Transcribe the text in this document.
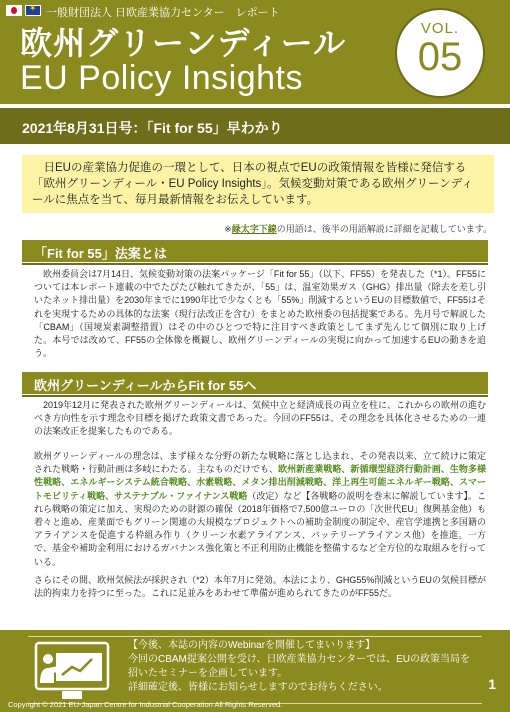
✶
一般財団法人 日欧産業協力センター　レポート
欧州グリーンディール
EU Policy Insights
VOL.
05
2021年8月31日号：「Fit for 55」早わかり

日EUの産業協力促進の一環として、日本の視点でEUの政策情報を皆様に発信する「欧州グリーンディール・EU Policy Insights」。気候変動対策である欧州グリーンディールに焦点を当て、毎月最新情報をお伝えしています。

※緑太字下線の用語は、後半の用語解説に詳細を記載しています。
「Fit for 55」法案とは

欧州委員会は7月14日、気候変動対策の法案パッケージ「Fit for 55」（以下、FF55）を発表した（*1）。FF55については本レポート連載の中でたびたび触れてきたが、「55」は、温室効果ガス（GHG）排出量（除去を差し引いたネット排出量）を2030年までに1990年比で少なくとも「55%」削減するというEUの目標数値で、FF55はそれを実現するための具体的な法案（現行法改正を含む）をまとめた欧州委の包括提案である。先月号で解説した「CBAM」（国境炭素調整措置）はその中のひとつで特に注目すべき政策としてまず先んじて個別に取り上げた。本号では改めて、FF55の全体像を概観し、欧州グリーンディールの実現に向かって加速するEUの動きを追う。

欧州グリーンディールからFit for 55へ

2019年12月に発表された欧州グリーンディールは、気候中立と経済成長の両立を柱に、これからの欧州の進むべき方向性を示す理念や目標を掲げた政策文書であった。今回のFF55は、その理念を具体化させるための一連の法案改正を提案したものである。

欧州グリーンディールの理念は、まず様々な分野の新たな戦略に落とし込まれ、その発表以来、立て続けに策定された戦略・行動計画は多岐にわたる。主なものだけでも、欧州新産業戦略、新循環型経済行動計画、生物多様性戦略、エネルギーシステム統合戦略、水素戦略、メタン排出削減戦略、洋上再生可能エネルギー戦略、スマートモビリティ戦略、サステナブル・ファイナンス戦略（改定）など【各戦略の説明を巻末に解説しています】。これら戦略の策定に加え、実現のための財源の確保（2018年価格で7,500億ユーロの「次世代EU」復興基金他）も着々と進め、産業面でもグリーン関連の大規模なプロジェクトへの補助金制度の制定や、産官学連携と多国籍のアライアンスを促進する枠組み作り（クリーン水素アライアンス、バッテリーアライアンス他）を推進。一方で、基金や補助金利用におけるガバナンス強化策と不正利用防止機能を整備するなど全方位的な取組みを行っている。

さらにその間、欧州気候法が採択され（*2）本年7月に発効。本法により、GHG55%削減というEUの気候目標が法的拘束力を持つに至った。これに足並みをあわせて準備が進められてきたのがFF55だ。

【今後、本誌の内容のWebinarを開催してまいります】
今回のCBAM提案公開を受け、日欧産業協力センターでは、EUの政策当局を招いたセミナーを企画しています。
詳細確定後、皆様にお知らせしますのでお待ちください。	1
Copyright © 2021 EU-Japan Centre for Industrial Cooperation All Rights Reserved.
